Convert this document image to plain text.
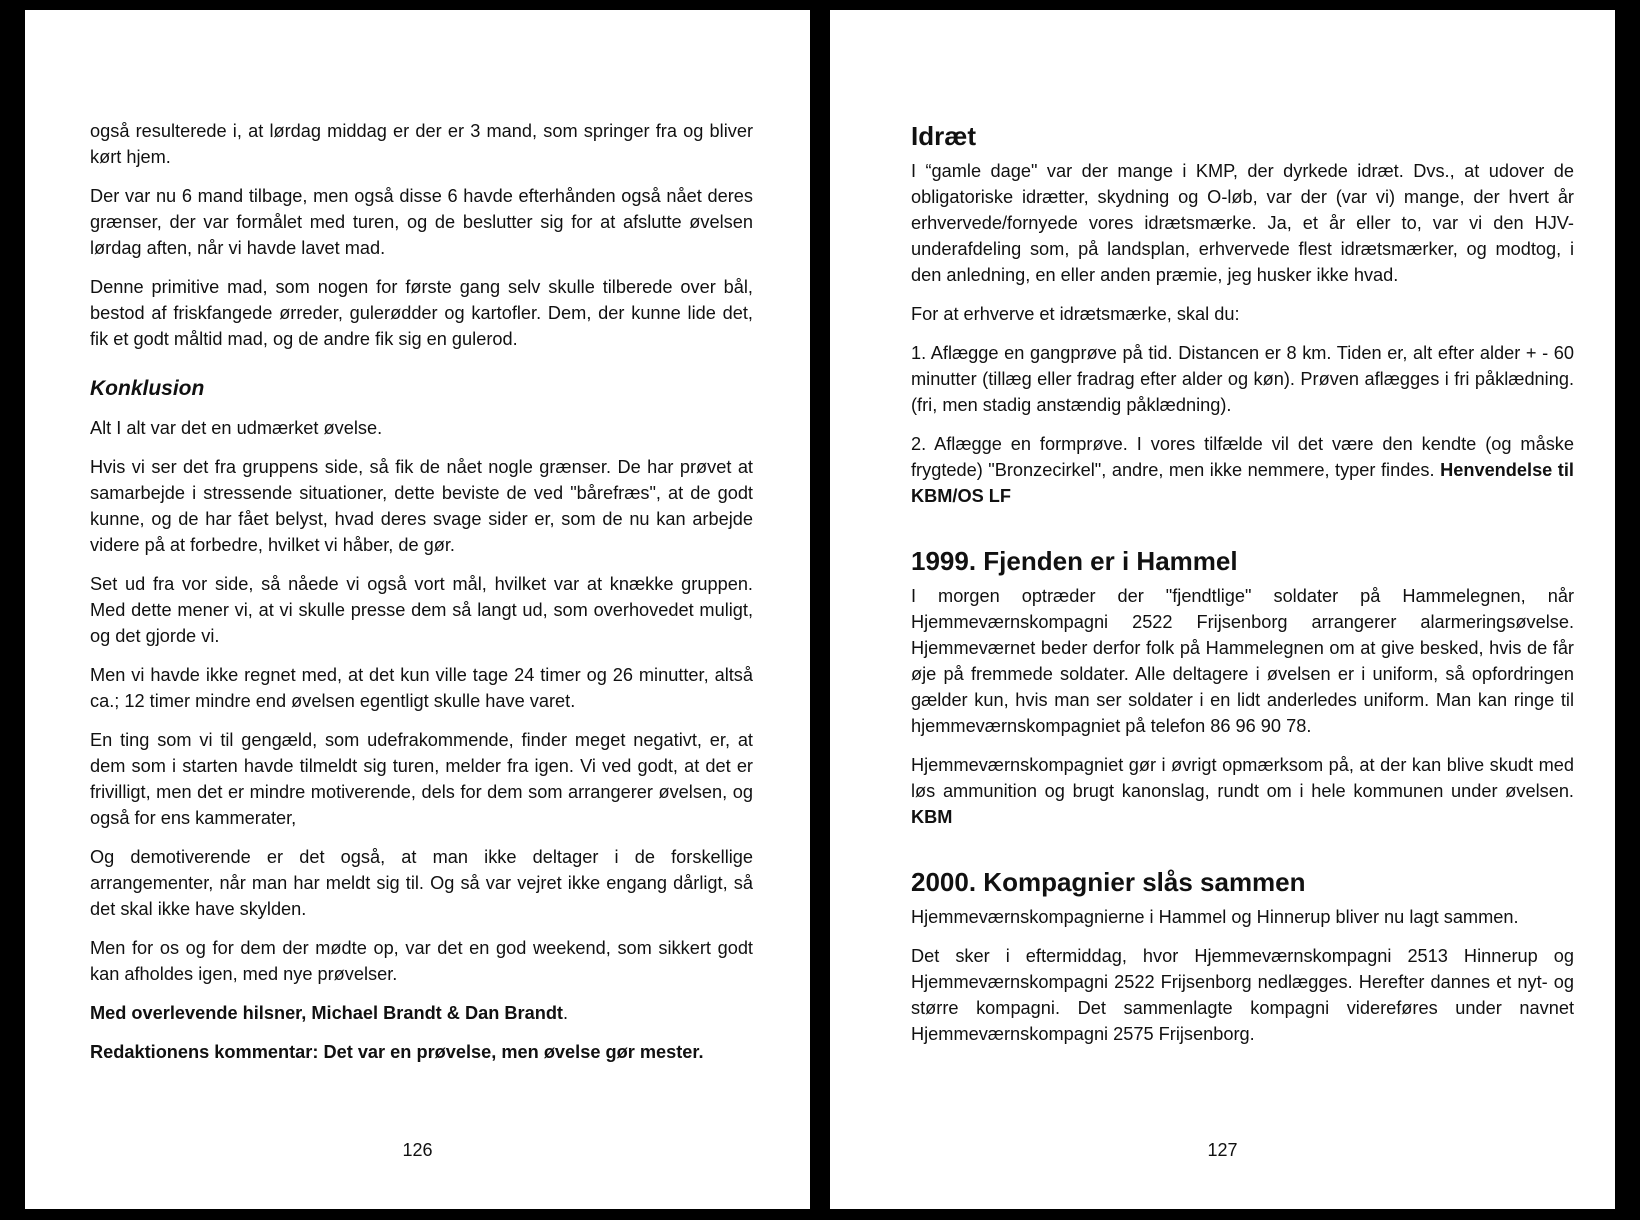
også resulterede i, at lørdag middag er der er 3 mand, som springer fra og bliver kørt hjem.

Der var nu 6 mand tilbage, men også disse 6 havde efterhånden også nået deres grænser, der var formålet med turen, og de beslutter sig for at afslutte øvelsen lørdag aften, når vi havde lavet mad.

Denne primitive mad, som nogen for første gang selv skulle tilberede over bål, bestod af friskfangede ørreder, gulerødder og kartofler. Dem, der kunne lide det, fik et godt måltid mad, og de andre fik sig en gulerod.

Konklusion

Alt I alt var det en udmærket øvelse.

Hvis vi ser det fra gruppens side, så fik de nået nogle grænser. De har prøvet at samarbejde i stressende situationer, dette beviste de ved "bårefræs", at de godt kunne, og de har fået belyst, hvad deres svage sider er, som de nu kan arbejde videre på at forbedre, hvilket vi håber, de gør.

Set ud fra vor side, så nåede vi også vort mål, hvilket var at knække gruppen. Med dette mener vi, at vi skulle presse dem så langt ud, som overhovedet muligt, og det gjorde vi.

Men vi havde ikke regnet med, at det kun ville tage 24 timer og 26 minutter, altså ca.; 12 timer mindre end øvelsen egentligt skulle have varet.

En ting som vi til gengæld, som udefrakommende, finder meget negativt, er, at dem som i starten havde tilmeldt sig turen, melder fra igen. Vi ved godt, at det er frivilligt, men det er mindre motiverende, dels for dem som arrangerer øvelsen, og også for ens kammerater,

Og demotiverende er det også, at man ikke deltager i de forskellige arrangementer, når man har meldt sig til. Og så var vejret ikke engang dårligt, så det skal ikke have skylden.

Men for os og for dem der mødte op, var det en god weekend, som sikkert godt kan afholdes igen, med nye prøvelser.

Med overlevende hilsner, Michael Brandt & Dan Brandt.

Redaktionens kommentar: Det var en prøvelse, men øvelse gør mester.

126
Idræt

I “gamle dage" var der mange i KMP, der dyrkede idræt. Dvs., at udover de obligatoriske idrætter, skydning og O-løb, var der (var vi) mange, der hvert år erhvervede/fornyede vores idrætsmærke. Ja, et år eller to, var vi den HJV-underafdeling som, på landsplan, erhvervede flest idrætsmærker, og modtog, i den anledning, en eller anden præmie, jeg husker ikke hvad.

For at erhverve et idrætsmærke, skal du:

1. Aflægge en gangprøve på tid. Distancen er 8 km. Tiden er, alt efter alder + - 60 minutter (tillæg eller fradrag efter alder og køn). Prøven aflægges i fri påklædning. (fri, men stadig anstændig påklædning).

2. Aflægge en formprøve. I vores tilfælde vil det være den kendte (og måske frygtede) "Bronzecirkel", andre, men ikke nemmere, typer findes. Henvendelse til KBM/OS LF

1999. Fjenden er i Hammel

I morgen optræder der "fjendtlige" soldater på Hammelegnen, når Hjemmeværnskompagni 2522 Frijsenborg arrangerer alarmeringsøvelse. Hjemmeværnet beder derfor folk på Hammelegnen om at give besked, hvis de får øje på fremmede soldater. Alle deltagere i øvelsen er i uniform, så opfordringen gælder kun, hvis man ser soldater i en lidt anderledes uniform. Man kan ringe til hjemmeværnskompagniet på telefon 86 96 90 78.

Hjemmeværnskompagniet gør i øvrigt opmærksom på, at der kan blive skudt med løs ammunition og brugt kanonslag, rundt om i hele kommunen under øvelsen. KBM

2000. Kompagnier slås sammen

Hjemmeværnskompagnierne i Hammel og Hinnerup bliver nu lagt sammen.

Det sker i eftermiddag, hvor Hjemmeværnskompagni 2513 Hinnerup og Hjemmeværnskompagni 2522 Frijsenborg nedlægges. Herefter dannes et nyt- og større kompagni. Det sammenlagte kompagni videreføres under navnet Hjemmeværnskompagni 2575 Frijsenborg.

127
